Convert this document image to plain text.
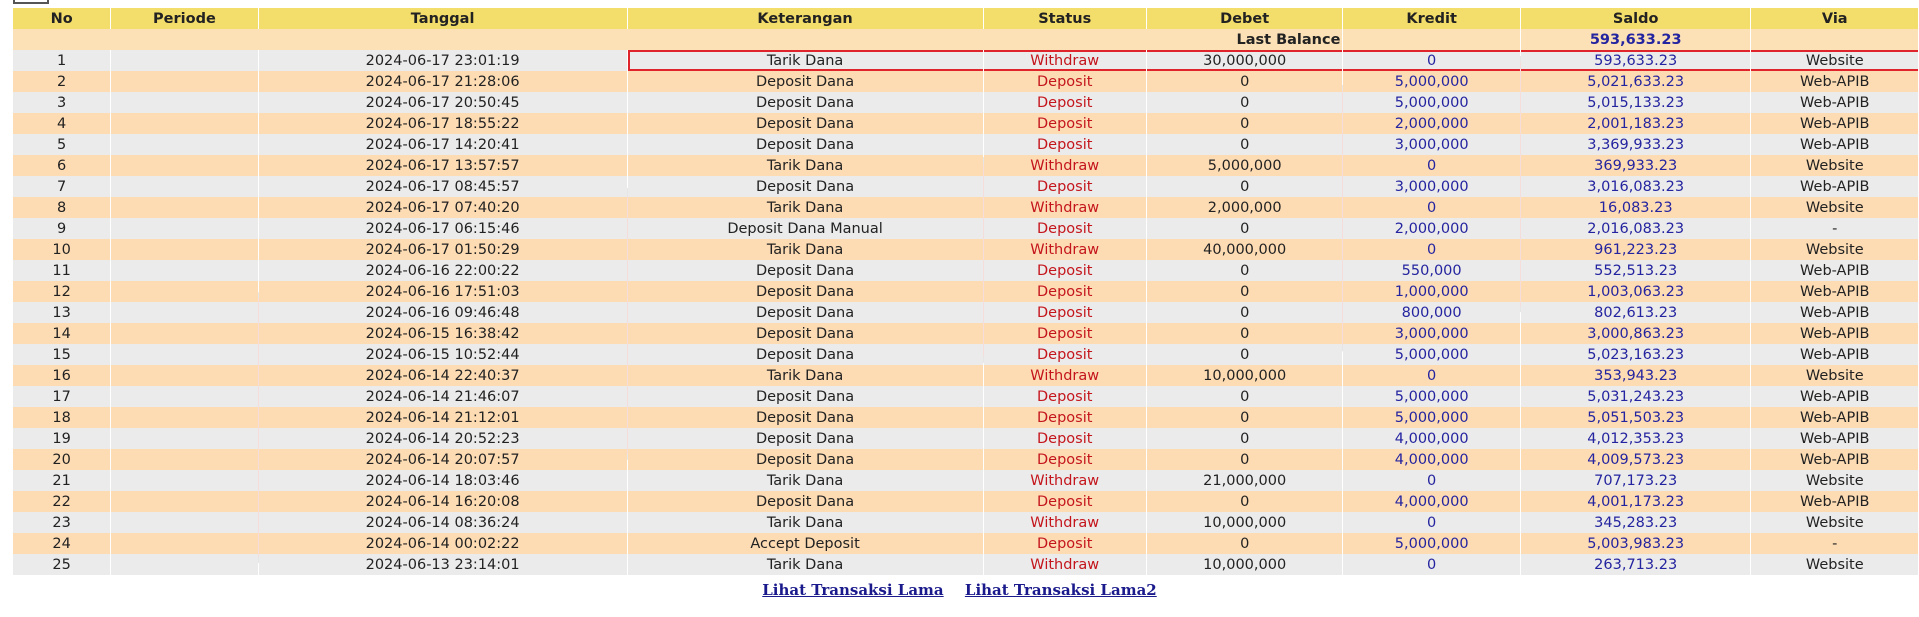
No	Periode	Tanggal	Keterangan	Status	Debet	Kredit	Saldo	Via
Last Balance							593,633.23	
1		2024-06-17 23:01:19	Tarik Dana	Withdraw	30,000,000	0	593,633.23	Website
2		2024-06-17 21:28:06	Deposit Dana	Deposit	0	5,000,000	5,021,633.23	Web-APIB
3		2024-06-17 20:50:45	Deposit Dana	Deposit	0	5,000,000	5,015,133.23	Web-APIB
4		2024-06-17 18:55:22	Deposit Dana	Deposit	0	2,000,000	2,001,183.23	Web-APIB
5		2024-06-17 14:20:41	Deposit Dana	Deposit	0	3,000,000	3,369,933.23	Web-APIB
6		2024-06-17 13:57:57	Tarik Dana	Withdraw	5,000,000	0	369,933.23	Website
7		2024-06-17 08:45:57	Deposit Dana	Deposit	0	3,000,000	3,016,083.23	Web-APIB
8		2024-06-17 07:40:20	Tarik Dana	Withdraw	2,000,000	0	16,083.23	Website
9		2024-06-17 06:15:46	Deposit Dana Manual	Deposit	0	2,000,000	2,016,083.23	-
10		2024-06-17 01:50:29	Tarik Dana	Withdraw	40,000,000	0	961,223.23	Website
11		2024-06-16 22:00:22	Deposit Dana	Deposit	0	550,000	552,513.23	Web-APIB
12		2024-06-16 17:51:03	Deposit Dana	Deposit	0	1,000,000	1,003,063.23	Web-APIB
13		2024-06-16 09:46:48	Deposit Dana	Deposit	0	800,000	802,613.23	Web-APIB
14		2024-06-15 16:38:42	Deposit Dana	Deposit	0	3,000,000	3,000,863.23	Web-APIB
15		2024-06-15 10:52:44	Deposit Dana	Deposit	0	5,000,000	5,023,163.23	Web-APIB
16		2024-06-14 22:40:37	Tarik Dana	Withdraw	10,000,000	0	353,943.23	Website
17		2024-06-14 21:46:07	Deposit Dana	Deposit	0	5,000,000	5,031,243.23	Web-APIB
18		2024-06-14 21:12:01	Deposit Dana	Deposit	0	5,000,000	5,051,503.23	Web-APIB
19		2024-06-14 20:52:23	Deposit Dana	Deposit	0	4,000,000	4,012,353.23	Web-APIB
20		2024-06-14 20:07:57	Deposit Dana	Deposit	0	4,000,000	4,009,573.23	Web-APIB
21		2024-06-14 18:03:46	Tarik Dana	Withdraw	21,000,000	0	707,173.23	Website
22		2024-06-14 16:20:08	Deposit Dana	Deposit	0	4,000,000	4,001,173.23	Web-APIB
23		2024-06-14 08:36:24	Tarik Dana	Withdraw	10,000,000	0	345,283.23	Website
24		2024-06-14 00:02:22	Accept Deposit	Deposit	0	5,000,000	5,003,983.23	-
25		2024-06-13 23:14:01	Tarik Dana	Withdraw	10,000,000	0	263,713.23	Website
Lihat Transaksi Lama Lihat Transaksi Lama2
